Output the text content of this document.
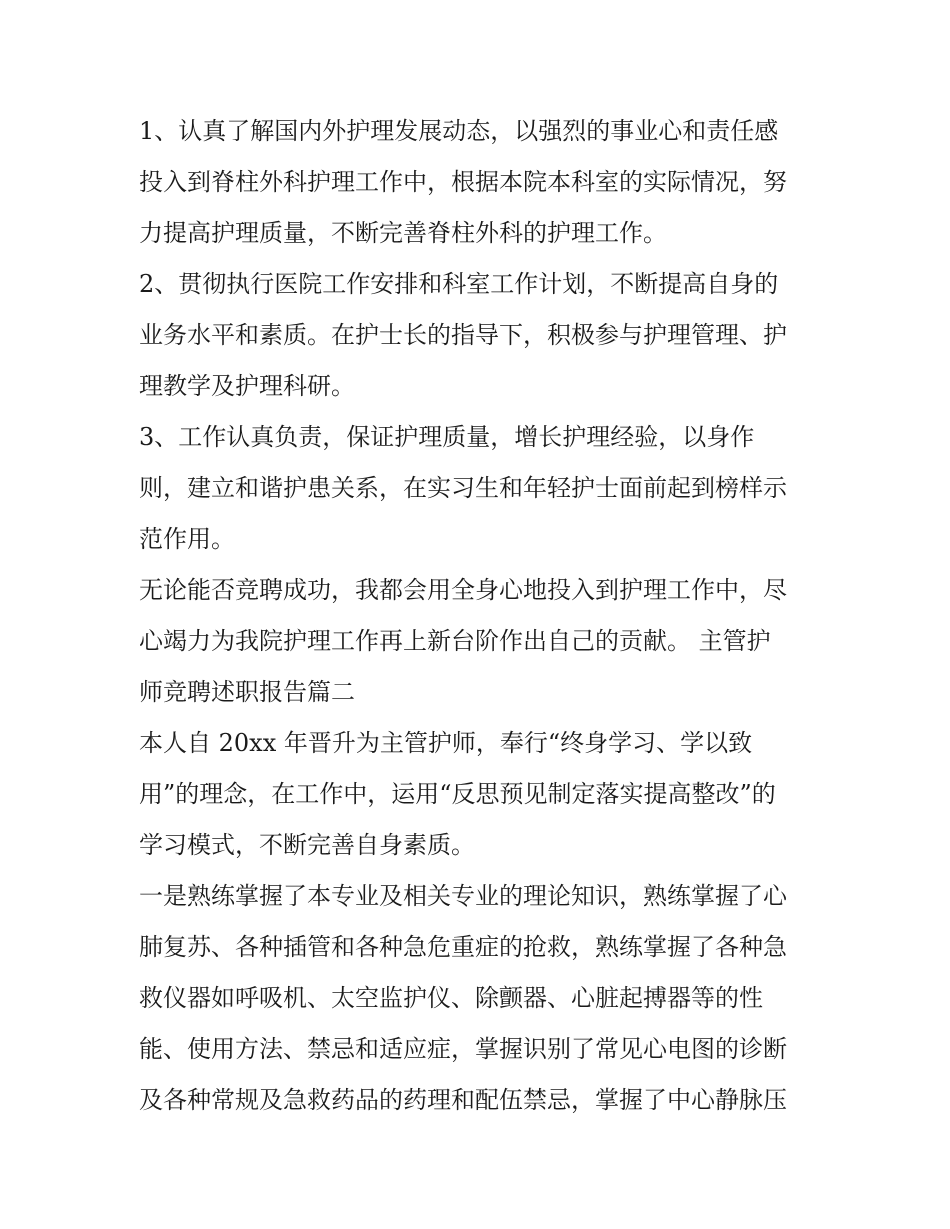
1、认真了解国内外护理发展动态，以强烈的事业心和责任感
投入到脊柱外科护理工作中，根据本院本科室的实际情况，努
力提高护理质量，不断完善脊柱外科的护理工作。
2、贯彻执行医院工作安排和科室工作计划，不断提高自身的
业务水平和素质。在护士长的指导下，积极参与护理管理、护
理教学及护理科研。
3、工作认真负责，保证护理质量，增长护理经验，以身作
则，建立和谐护患关系，在实习生和年轻护士面前起到榜样示
范作用。
无论能否竞聘成功，我都会用全身心地投入到护理工作中，尽
心竭力为我院护理工作再上新台阶作出自己的贡献。 主管护
师竞聘述职报告篇二
本人自 20xx 年晋升为主管护师，奉行“终身学习、学以致
用”的理念，在工作中，运用“反思预见制定落实提高整改”的
学习模式，不断完善自身素质。
一是熟练掌握了本专业及相关专业的理论知识，熟练掌握了心
肺复苏、各种插管和各种急危重症的抢救，熟练掌握了各种急
救仪器如呼吸机、太空监护仪、除颤器、心脏起搏器等的性
能、使用方法、禁忌和适应症，掌握识别了常见心电图的诊断
及各种常规及急救药品的药理和配伍禁忌，掌握了中心静脉压
